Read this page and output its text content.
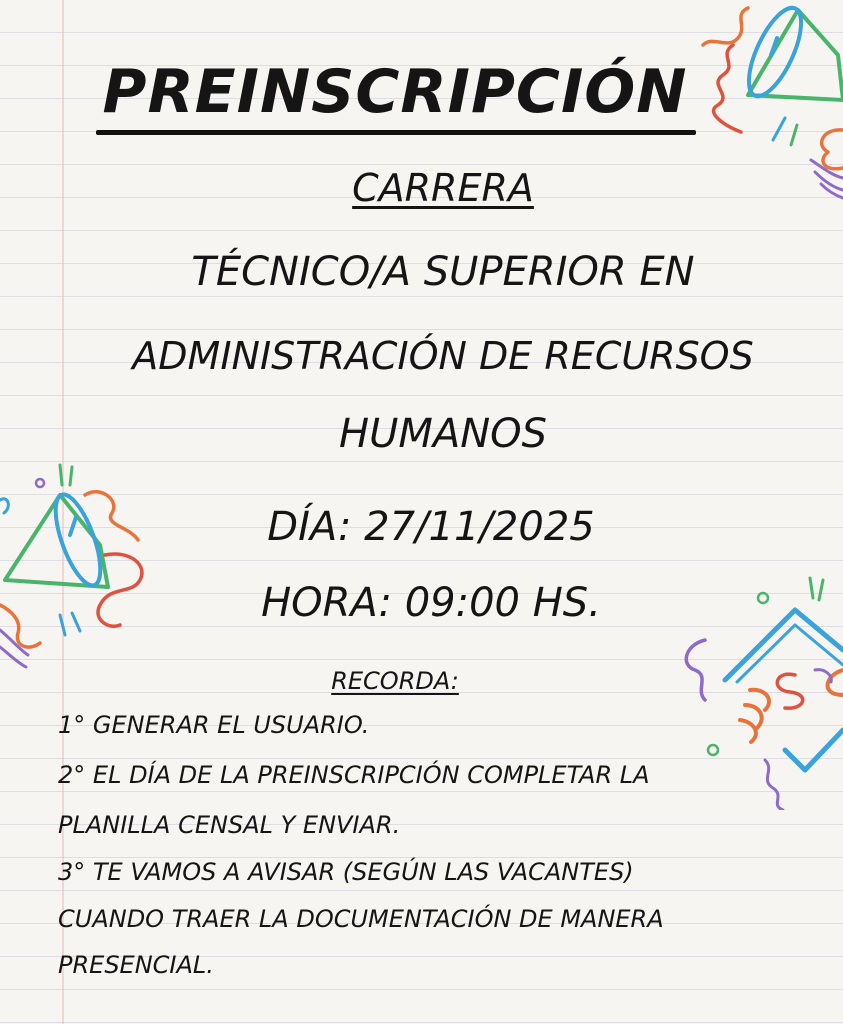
PREINSCRIPCIÓN
CARRERA
TÉCNICO/A SUPERIOR EN
ADMINISTRACIÓN DE RECURSOS
HUMANOS
DÍA: 27/11/2025
HORA: 09:00 HS.
RECORDA:
1° GENERAR EL USUARIO.
2° EL DÍA DE LA PREINSCRIPCIÓN COMPLETAR LA
PLANILLA CENSAL Y ENVIAR.
3° TE VAMOS A AVISAR (SEGÚN LAS VACANTES)
CUANDO TRAER LA DOCUMENTACIÓN DE MANERA
PRESENCIAL.
